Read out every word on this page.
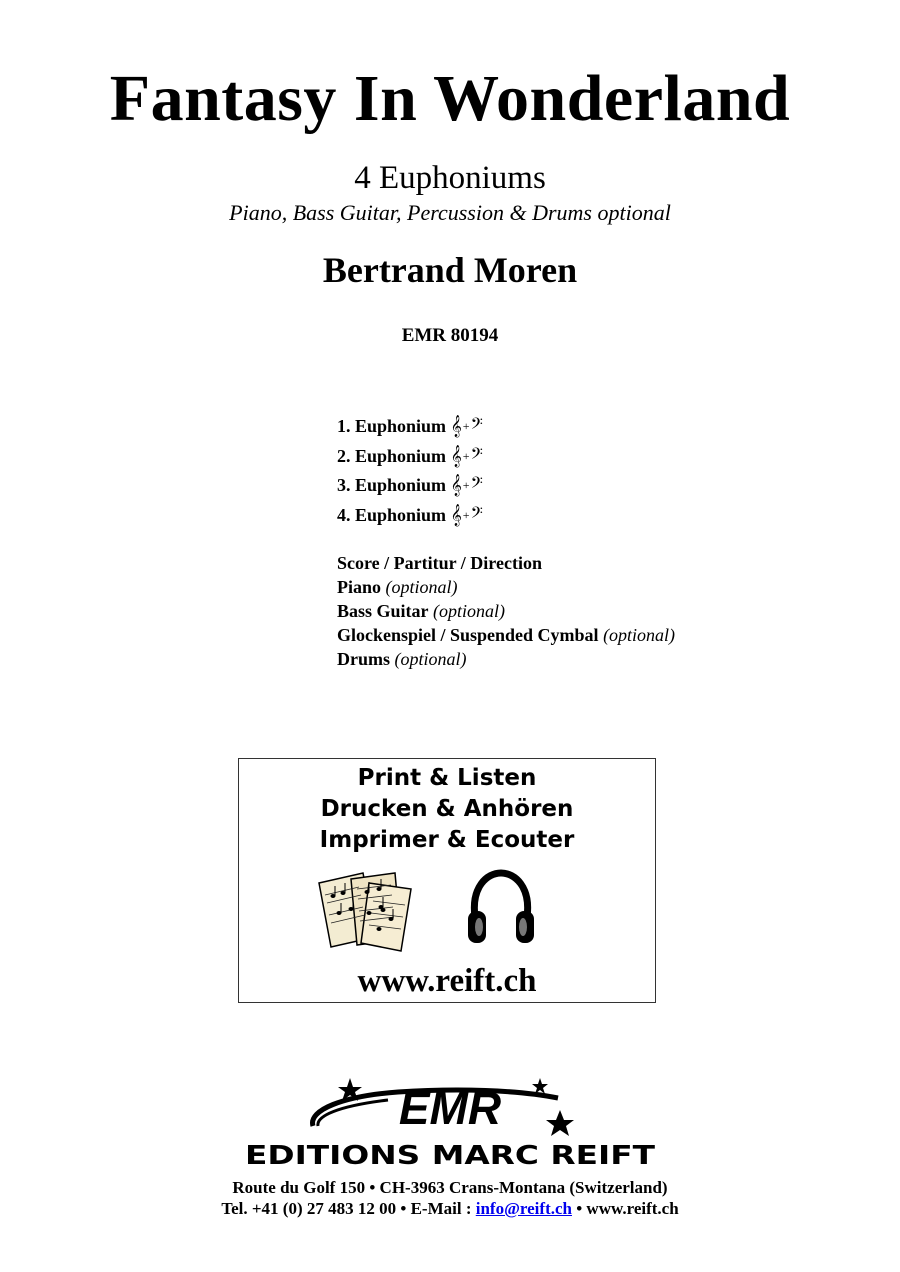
Fantasy In Wonderland
4 Euphoniums
Piano, Bass Guitar, Percussion & Drums optional
Bertrand Moren
EMR 80194
1. Euphonium 𝄞+𝄢
2. Euphonium 𝄞+𝄢
3. Euphonium 𝄞+𝄢
4. Euphonium 𝄞+𝄢
Score / Partitur / Direction
Piano (optional)
Bass Guitar (optional)
Glockenspiel / Suspended Cymbal (optional)
Drums (optional)
Print & Listen
Drucken & Anhören
Imprimer & Ecouter
www.reift.ch
EMR
EDITIONS MARC REIFT
Route du Golf 150 • CH-3963 Crans-Montana (Switzerland)
Tel. +41 (0) 27 483 12 00 • E-Mail : info@reift.ch • www.reift.ch
